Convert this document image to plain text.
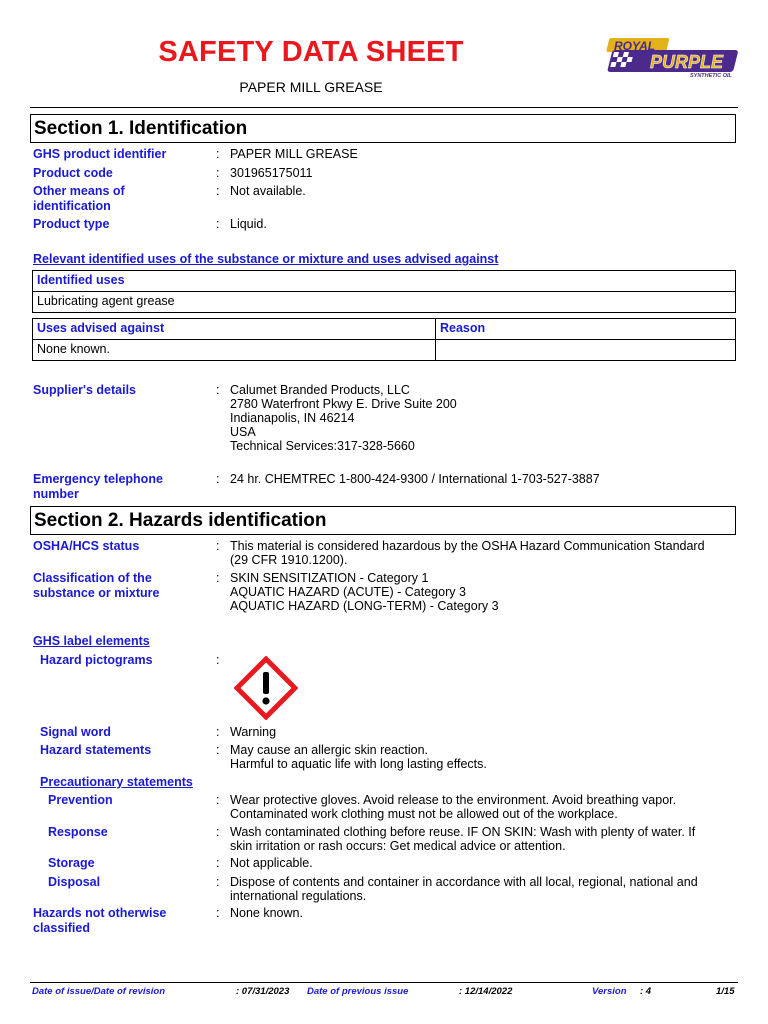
SAFETY DATA SHEET
PAPER MILL GREASE
ROYAL
PURPLE
SYNTHETIC OIL
Section 1. Identification
GHS product identifier	: PAPER MILL GREASE
Product code	: 301965175011
Other means of
identification
: Not available.
Product type	: Liquid.
Relevant identified uses of the substance or mixture and uses advised against
Identified uses
Lubricating agent grease
Uses advised against	Reason
None known.	
Supplier's details	: Calumet Branded Products, LLC
2780 Waterfront Pkwy E. Drive Suite 200
Indianapolis, IN 46214
USA
Technical Services:317-328-5660
Emergency telephone
number
: 24 hr. CHEMTREC 1-800-424-9300 / International 1-703-527-3887
Section 2. Hazards identification
OSHA/HCS status	: This material is considered hazardous by the OSHA Hazard Communication Standard
(29 CFR 1910.1200).
Classification of the
substance or mixture
: SKIN SENSITIZATION - Category 1
AQUATIC HAZARD (ACUTE) - Category 3
AQUATIC HAZARD (LONG-TERM) - Category 3
GHS label elements
Hazard pictograms	:
Signal word	: Warning
Hazard statements	: May cause an allergic skin reaction.
Harmful to aquatic life with long lasting effects.
Precautionary statements
Prevention	: Wear protective gloves. Avoid release to the environment. Avoid breathing vapor.
Contaminated work clothing must not be allowed out of the workplace.
Response	: Wash contaminated clothing before reuse. IF ON SKIN: Wash with plenty of water. If
skin irritation or rash occurs: Get medical advice or attention.
Storage	: Not applicable.
Disposal	: Dispose of contents and container in accordance with all local, regional, national and
international regulations.
Hazards not otherwise
classified
: None known.
Date of issue/Date of revision	: 07/31/2023 Date of previous issue	: 12/14/2022	Version : 4	1/15
